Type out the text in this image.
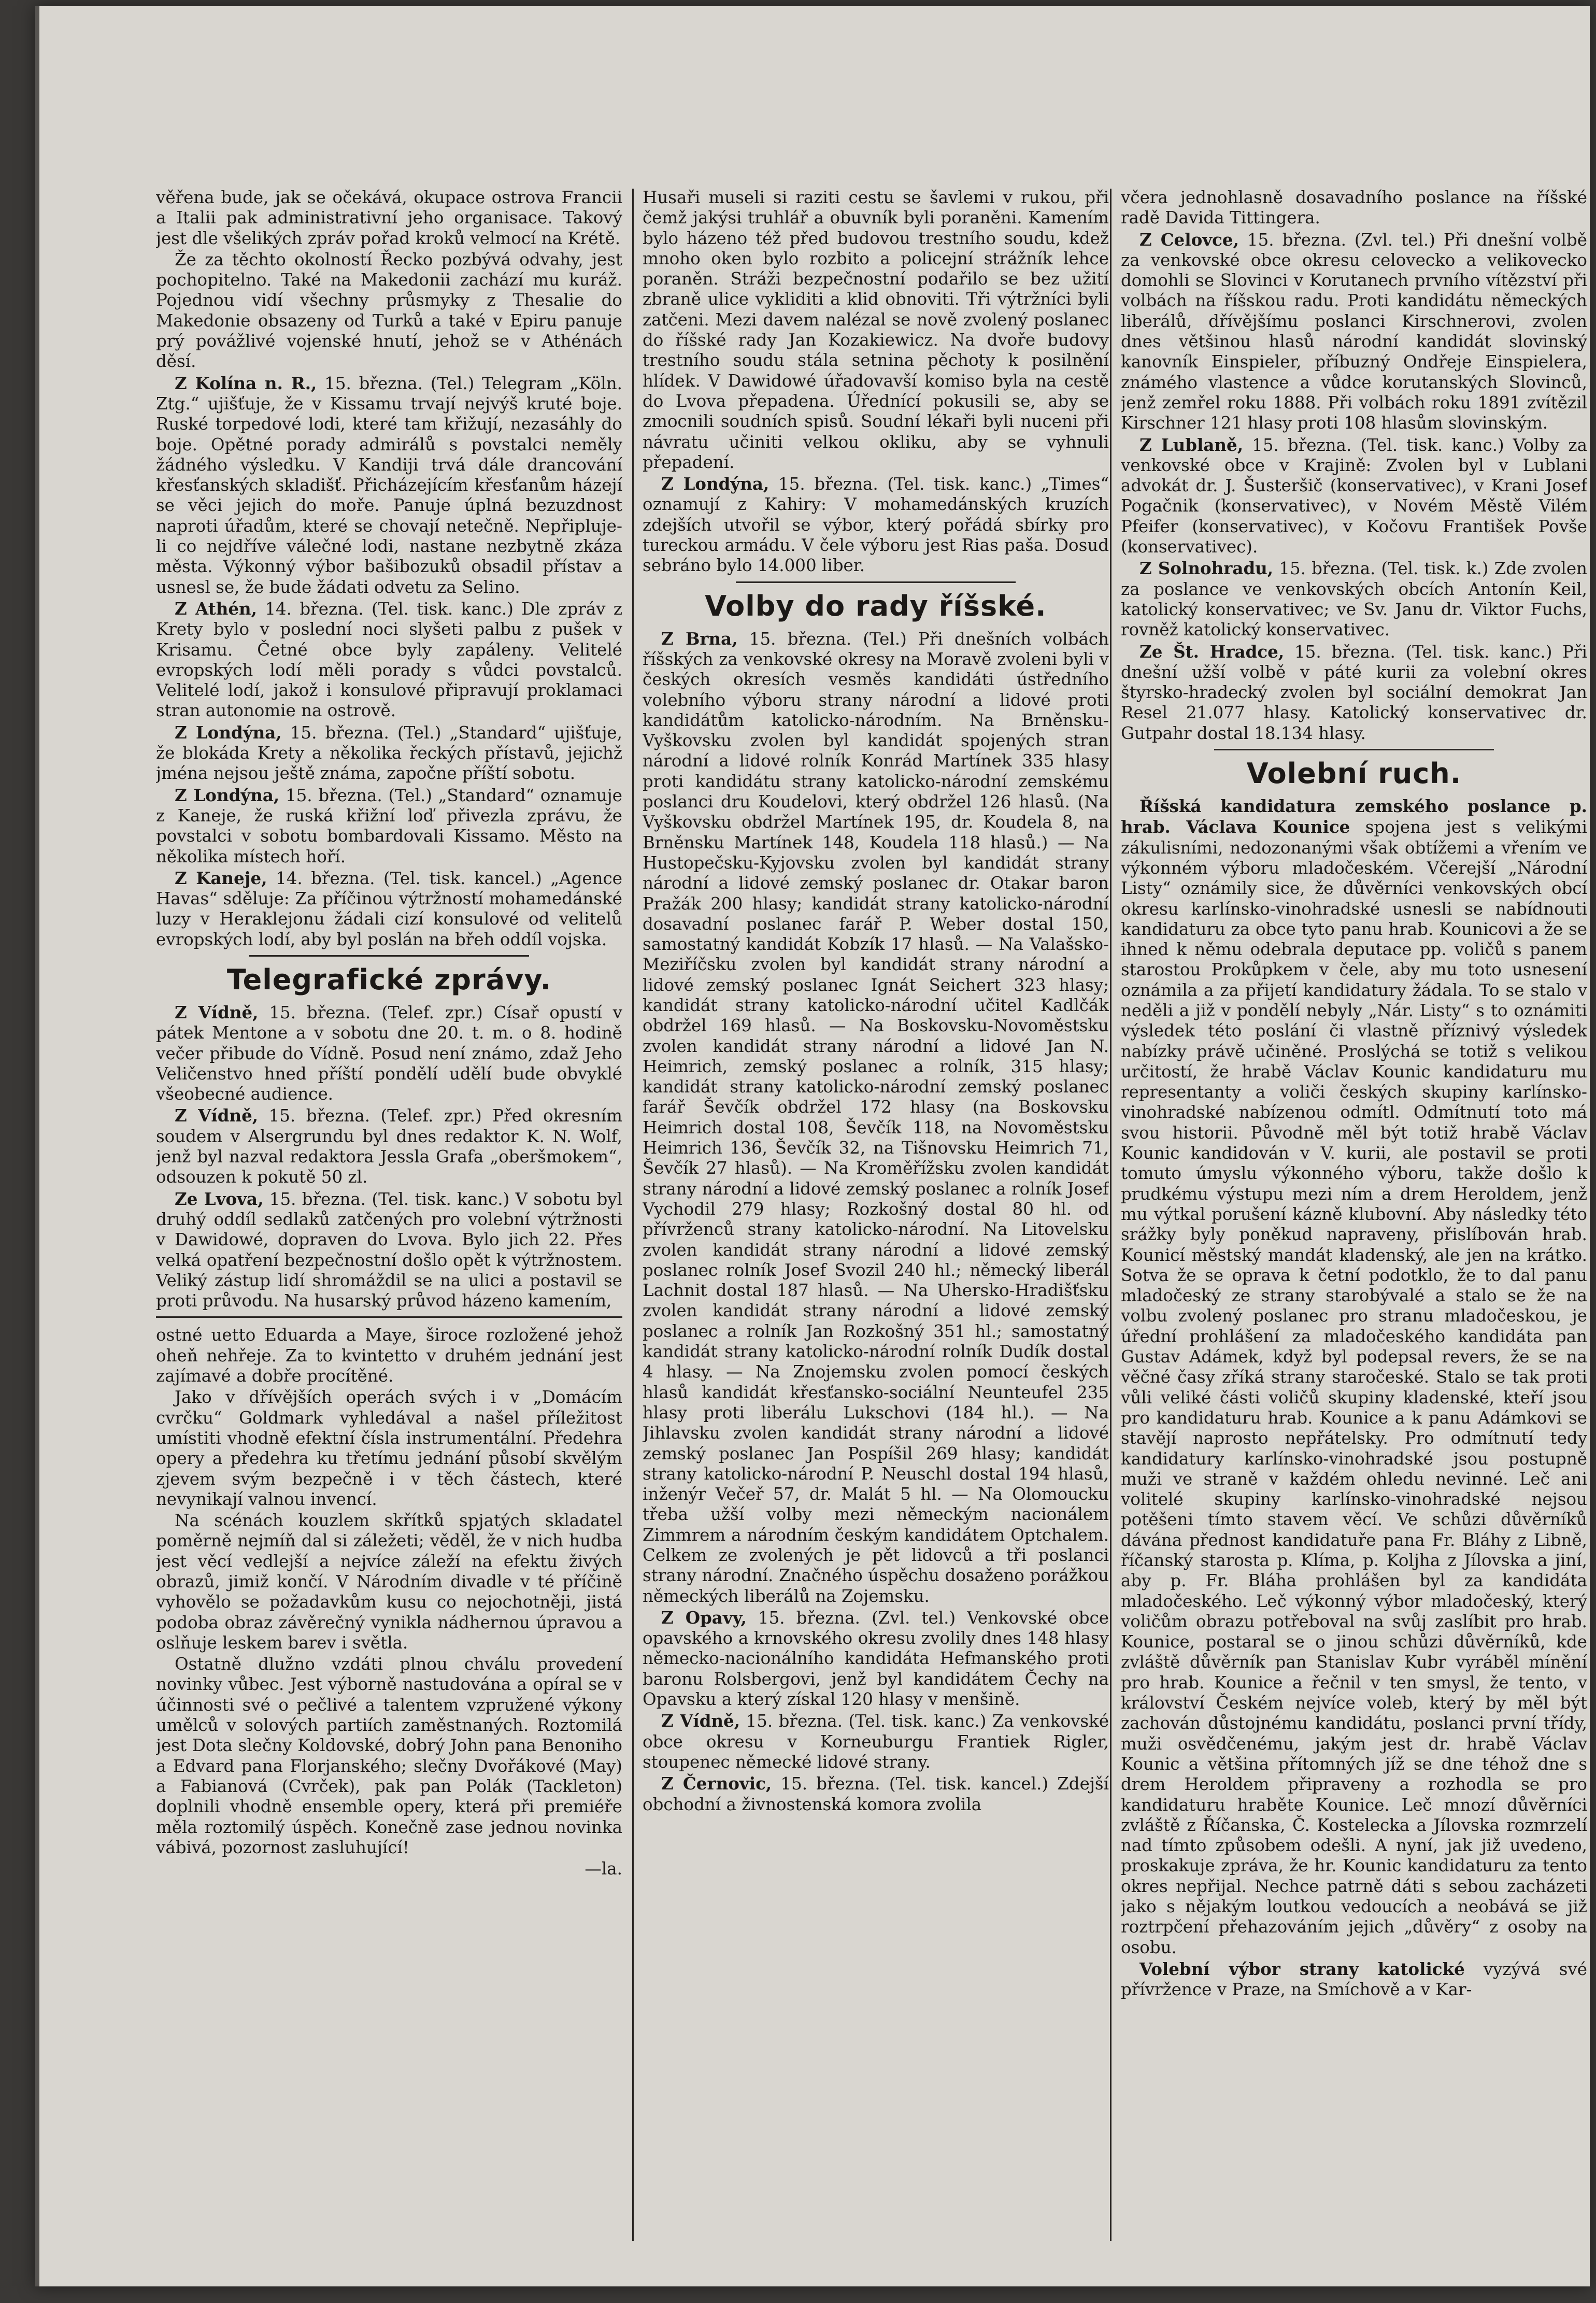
věřena bude, jak se očekává, okupace ostrova Francii a Italii pak administrativní jeho organisace. Takový jest dle všelikých zpráv pořad kroků velmocí na Krétě.

Že za těchto okolností Řecko pozbývá odvahy, jest pochopitelno. Také na Makedonii zachází mu kuráž. Pojednou vidí všechny průsmyky z Thesalie do Makedonie obsazeny od Turků a také v Epiru panuje prý povážlivé vojenské hnutí, jehož se v Athénách děsí.

Z Kolína n. R., 15. března. (Tel.) Telegram „Köln. Ztg.“ ujišťuje, že v Kissamu trvají nejvýš kruté boje. Ruské torpedové lodi, které tam křižují, nezasáhly do boje. Opětné porady admirálů s povstalci neměly žádného výsledku. V Kandiji trvá dále drancování křesťanských skladišť. Přicházejícím křesťanům házejí se věci jejich do moře. Panuje úplná bezuzdnost naproti úřadům, které se chovají netečně. Nepřipluje-li co nejdříve válečné lodi, nastane nezbytně zkáza města. Výkonný výbor bašibozuků obsadil přístav a usnesl se, že bude žádati odvetu za Selino.

Z Athén, 14. března. (Tel. tisk. kanc.) Dle zpráv z Krety bylo v poslední noci slyšeti palbu z pušek v Krisamu. Četné obce byly zapáleny. Velitelé evropských lodí měli porady s vůdci povstalců. Velitelé lodí, jakož i konsulové připravují proklamaci stran autonomie na ostrově.

Z Londýna, 15. března. (Tel.) „Standard“ ujišťuje, že blokáda Krety a několika řeckých přístavů, jejichž jména nejsou ještě známa, započne příští sobotu.

Z Londýna, 15. března. (Tel.) „Standard“ oznamuje z Kaneje, že ruská křižní loď přivezla zprávu, že povstalci v sobotu bombardovali Kissamo. Město na několika místech hoří.

Z Kaneje, 14. března. (Tel. tisk. kancel.) „Agence Havas“ sděluje: Za příčinou výtržností mohamedánské luzy v Heraklejonu žádali cizí konsulové od velitelů evropských lodí, aby byl poslán na břeh oddíl vojska.

Telegrafické zprávy.

Z Vídně, 15. března. (Telef. zpr.) Císař opustí v pátek Mentone a v sobotu dne 20. t. m. o 8. hodině večer přibude do Vídně. Posud není známo, zdaž Jeho Veličenstvo hned příští pondělí udělí bude obvyklé všeobecné audience.

Z Vídně, 15. března. (Telef. zpr.) Před okresním soudem v Alsergrundu byl dnes redaktor K. N. Wolf, jenž byl nazval redaktora Jessla Grafa „oberšmokem“, odsouzen k pokutě 50 zl.

Ze Lvova, 15. března. (Tel. tisk. kanc.) V sobotu byl druhý oddíl sedlaků zatčených pro volební výtržnosti v Dawidowé, dopraven do Lvova. Bylo jich 22. Přes velká opatření bezpečnostní došlo opět k výtržnostem. Veliký zástup lidí shromáždil se na ulici a postavil se proti průvodu. Na husarský průvod házeno kamením,

ostné uetto Eduarda a Maye, široce rozložené jehož oheň nehřeje. Za to kvintetto v druhém jednání jest zajímavé a dobře procítěné.

Jako v dřívějších operách svých i v „Domácím cvrčku“ Goldmark vyhledával a našel příležitost umístiti vhodně efektní čísla instrumentální. Předehra opery a předehra ku třetímu jednání působí skvělým zjevem svým bezpečně i v těch částech, které nevynikají valnou invencí.

Na scénách kouzlem skřítků spjatých skladatel poměrně nejmíň dal si záležeti; věděl, že v nich hudba jest věcí vedlejší a nejvíce záleží na efektu živých obrazů, jimiž končí. V Národním divadle v té příčině vyhovělo se požadavkům kusu co nejochotněji, jistá podoba obraz závěrečný vynikla nádhernou úpravou a oslňuje leskem barev i světla.

Ostatně dlužno vzdáti plnou chválu provedení novinky vůbec. Jest výborně nastudována a opíral se v účinnosti své o pečlivé a talentem vzpružené výkony umělců v solových partiích zaměstnaných. Roztomilá jest Dota slečny Koldovské, dobrý John pana Benoniho a Edvard pana Florjanského; slečny Dvořákové (May) a Fabianová (Cvrček), pak pan Polák (Tackleton) doplnili vhodně ensemble opery, která při premiéře měla roztomilý úspěch. Konečně zase jednou novinka vábivá, pozornost zasluhující!

—la.

Husaři museli si raziti cestu se šavlemi v rukou, při čemž jakýsi truhlář a obuvník byli poraněni. Kamením bylo házeno též před budovou trestního soudu, kdež mnoho oken bylo rozbito a policejní strážník lehce poraněn. Stráži bezpečnostní podařilo se bez užití zbraně ulice vykliditi a klid obnoviti. Tři výtržníci byli zatčeni. Mezi davem nalézal se nově zvolený poslanec do říšské rady Jan Kozakiewicz. Na dvoře budovy trestního soudu stála setnina pěchoty k posilnění hlídek. V Dawidowé úřadovavší komiso byla na cestě do Lvova přepadena. Úřednící pokusili se, aby se zmocnili soudních spisů. Soudní lékaři byli nuceni při návratu učiniti velkou okliku, aby se vyhnuli přepadení.

Z Londýna, 15. března. (Tel. tisk. kanc.) „Times“ oznamují z Kahiry: V mohamedánských kruzích zdejších utvořil se výbor, který pořádá sbírky pro tureckou armádu. V čele výboru jest Rias paša. Dosud sebráno bylo 14.000 liber.

Volby do rady říšské.

Z Brna, 15. března. (Tel.) Při dnešních volbách říšských za venkovské okresy na Moravě zvoleni byli v českých okresích vesměs kandidáti ústředního volebního výboru strany národní a lidové proti kandidátům katolicko-národním. Na Brněnsku-Vyškovsku zvolen byl kandidát spojených stran národní a lidové rolník Konrád Martínek 335 hlasy proti kandidátu strany katolicko-národní zemskému poslanci dru Koudelovi, který obdržel 126 hlasů. (Na Vyškovsku obdržel Martínek 195, dr. Koudela 8, na Brněnsku Martínek 148, Koudela 118 hlasů.) — Na Hustopečsku-Kyjovsku zvolen byl kandidát strany národní a lidové zemský poslanec dr. Otakar baron Pražák 200 hlasy; kandidát strany katolicko-národní dosavadní poslanec farář P. Weber dostal 150, samostatný kandidát Kobzík 17 hlasů. — Na Valašsko-Meziříčsku zvolen byl kandidát strany národní a lidové zemský poslanec Ignát Seichert 323 hlasy; kandidát strany katolicko-národní učitel Kadlčák obdržel 169 hlasů. — Na Boskovsku-Novoměstsku zvolen kandidát strany národní a lidové Jan N. Heimrich, zemský poslanec a rolník, 315 hlasy; kandidát strany katolicko-národní zemský poslanec farář Ševčík obdržel 172 hlasy (na Boskovsku Heimrich dostal 108, Ševčík 118, na Novoměstsku Heimrich 136, Ševčík 32, na Tišnovsku Heimrich 71, Ševčík 27 hlasů). — Na Kroměřížsku zvolen kandidát strany národní a lidové zemský poslanec a rolník Josef Vychodil 279 hlasy; Rozkošný dostal 80 hl. od přívrženců strany katolicko-národní. Na Litovelsku zvolen kandidát strany národní a lidové zemský poslanec rolník Josef Svozil 240 hl.; německý liberál Lachnit dostal 187 hlasů. — Na Uhersko-Hradišťsku zvolen kandidát strany národní a lidové zemský poslanec a rolník Jan Rozkošný 351 hl.; samostatný kandidát strany katolicko-národní rolník Dudík dostal 4 hlasy. — Na Znojemsku zvolen pomocí českých hlasů kandidát křesťansko-sociální Neunteufel 235 hlasy proti liberálu Lukschovi (184 hl.). — Na Jihlavsku zvolen kandidát strany národní a lidové zemský poslanec Jan Pospíšil 269 hlasy; kandidát strany katolicko-národní P. Neuschl dostal 194 hlasů, inženýr Večeř 57, dr. Malát 5 hl. — Na Olomoucku třeba užší volby mezi německým nacionálem Zimmrem a národním českým kandidátem Optchalem. Celkem ze zvolených je pět lidovců a tři poslanci strany národní. Značného úspěchu dosaženo porážkou německých liberálů na Zojemsku.

Z Opavy, 15. března. (Zvl. tel.) Venkovské obce opavského a krnovského okresu zvolily dnes 148 hlasy německo-nacionálního kandidáta Hefmanského proti baronu Rolsbergovi, jenž byl kandidátem Čechy na Opavsku a který získal 120 hlasy v menšině.

Z Vídně, 15. března. (Tel. tisk. kanc.) Za venkovské obce okresu v Korneuburgu Frantiek Rigler, stoupenec německé lidové strany.

Z Černovic, 15. března. (Tel. tisk. kancel.) Zdejší obchodní a živnostenská komora zvolila

včera jednohlasně dosavadního poslance na říšské radě Davida Tittingera.

Z Celovce, 15. března. (Zvl. tel.) Při dnešní volbě za venkovské obce okresu celovecko a velikovecko domohli se Slovinci v Korutanech prvního vítězství při volbách na říšskou radu. Proti kandidátu německých liberálů, dřívějšímu poslanci Kirschnerovi, zvolen dnes většinou hlasů národní kandidát slovinský kanovník Einspieler, příbuzný Ondřeje Einspielera, známého vlastence a vůdce korutanských Slovinců, jenž zemřel roku 1888. Při volbách roku 1891 zvítězil Kirschner 121 hlasy proti 108 hlasům slovinským.

Z Lublaně, 15. března. (Tel. tisk. kanc.) Volby za venkovské obce v Krajině: Zvolen byl v Lublani advokát dr. J. Šusteršič (konservativec), v Krani Josef Pogačnik (konservativec), v Novém Městě Vilém Pfeifer (konservativec), v Kočovu František Povše (konservativec).

Z Solnohradu, 15. března. (Tel. tisk. k.) Zde zvolen za poslance ve venkovských obcích Antonín Keil, katolický konservativec; ve Sv. Janu dr. Viktor Fuchs, rovněž katolický konservativec.

Ze Št. Hradce, 15. března. (Tel. tisk. kanc.) Při dnešní užší volbě v páté kurii za volební okres štyrsko-hradecký zvolen byl sociální demokrat Jan Resel 21.077 hlasy. Katolický konservativec dr. Gutpahr dostal 18.134 hlasy.

Volební ruch.

Říšská kandidatura zemského poslance p. hrab. Václava Kounice spojena jest s velikými zákulisními, nedozonanými však obtížemi a vřením ve výkonném výboru mladočeském. Včerejší „Národní Listy“ oznámily sice, že důvěrníci venkovských obcí okresu karlínsko-vinohradské usnesli se nabídnouti kandidaturu za obce tyto panu hrab. Kounicovi a že se ihned k němu odebrala deputace pp. voličů s panem starostou Prokůpkem v čele, aby mu toto usnesení oznámila a za přijetí kandidatury žádala. To se stalo v neděli a již v pondělí nebyly „Nár. Listy“ s to oznámiti výsledek této poslání či vlastně příznivý výsledek nabízky právě učiněné. Proslýchá se totiž s velikou určitostí, že hrabě Václav Kounic kandidaturu mu representanty a voliči českých skupiny karlínsko-vinohradské nabízenou odmítl. Odmítnutí toto má svou historii. Původně měl být totiž hrabě Václav Kounic kandidován v V. kurii, ale postavil se proti tomuto úmyslu výkonného výboru, takže došlo k prudkému výstupu mezi ním a drem Heroldem, jenž mu výtkal porušení kázně klubovní. Aby následky této srážky byly poněkud napraveny, přislíbován hrab. Kounicí městský mandát kladenský, ale jen na krátko. Sotva že se oprava k četní podotklo, že to dal panu mladočeský ze strany starobývalé a stalo se že na volbu zvolený poslanec pro stranu mladočeskou, je úřední prohlášení za mladočeského kandidáta pan Gustav Adámek, když byl podepsal revers, že se na věčné časy zříká strany staročeské. Stalo se tak proti vůli veliké části voličů skupiny kladenské, kteří jsou pro kandidaturu hrab. Kounice a k panu Adámkovi se stavějí naprosto nepřátelsky. Pro odmítnutí tedy kandidatury karlínsko-vinohradské jsou postupně muži ve straně v každém ohledu nevinné. Leč ani volitelé skupiny karlínsko-vinohradské nejsou potěšeni tímto stavem věcí. Ve schůzi důvěrníků dávána přednost kandidatuře pana Fr. Bláhy z Libně, říčanský starosta p. Klíma, p. Koljha z Jílovska a jiní, aby p. Fr. Bláha prohlášen byl za kandidáta mladočeského. Leč výkonný výbor mladočeský, který voličům obrazu potřeboval na svůj zaslíbit pro hrab. Kounice, postaral se o jinou schůzi důvěrníků, kde zvláště důvěrník pan Stanislav Kubr vyráběl mínění pro hrab. Kounice a řečnil v ten smysl, že tento, v království Českém nejvíce voleb, který by měl být zachován důstojnému kandidátu, poslanci první třídy, muži osvědčenému, jakým jest dr. hrabě Václav Kounic a většina přítomných jíž se dne téhož dne s drem Heroldem připraveny a rozhodla se pro kandidaturu hraběte Kounice. Leč mnozí důvěrníci zvláště z Říčanska, Č. Kostelecka a Jílovska rozmrzelí nad tímto způsobem odešli. A nyní, jak již uvedeno, proskakuje zpráva, že hr. Kounic kandidaturu za tento okres nepřijal. Nechce patrně dáti s sebou zacházeti jako s nějakým loutkou vedoucích a neobává se již roztrpčení přehazováním jejich „důvěry“ z osoby na osobu.

Volební výbor strany katolické vyzývá své přívržence v Praze, na Smíchově a v Kar-
